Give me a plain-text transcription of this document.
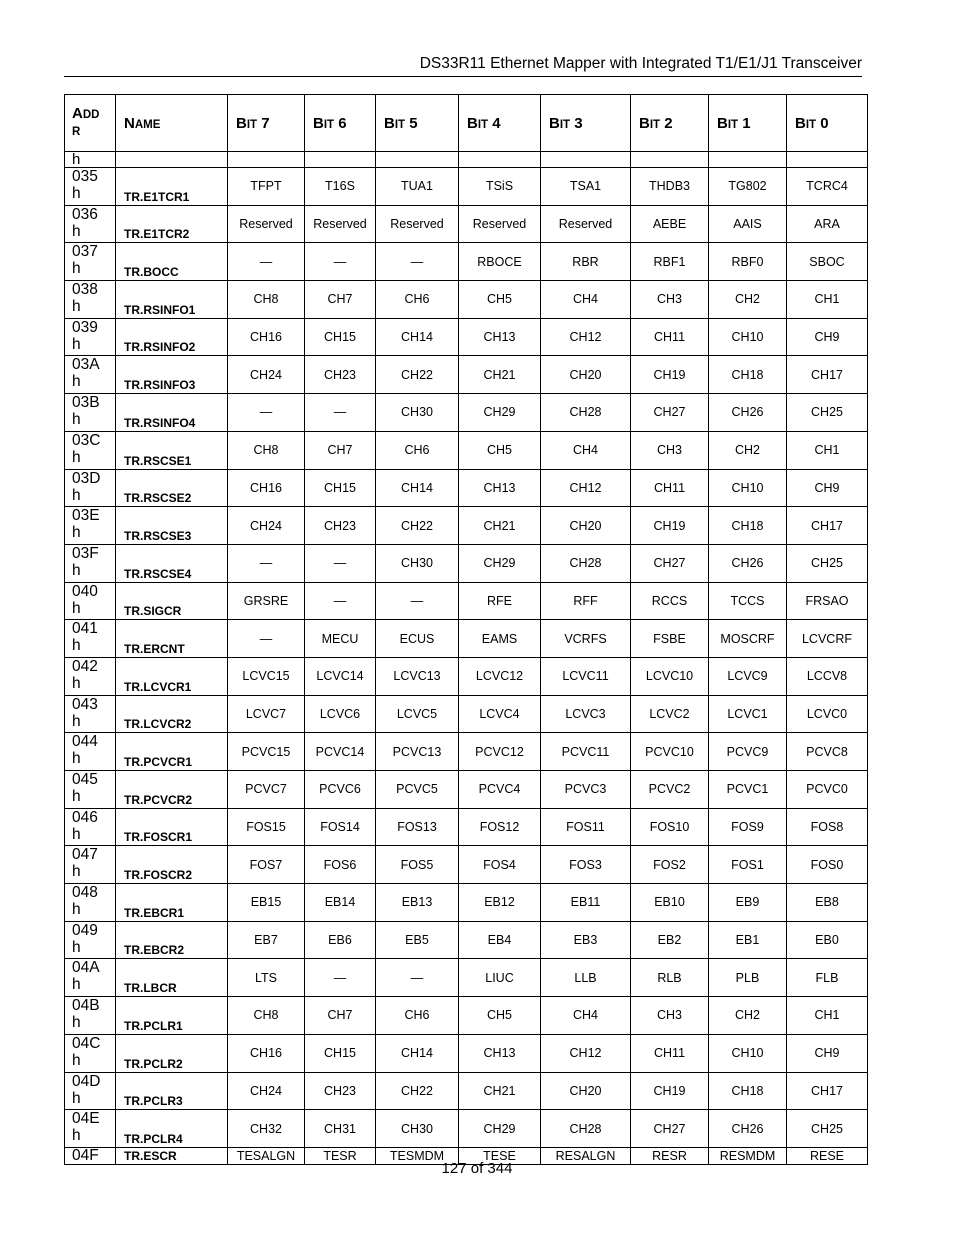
DS33R11 Ethernet Mapper with Integrated T1/E1/J1 Transceiver
ADD
R	NAME	BIT 7	BIT 6	BIT 5	BIT 4	BIT 3	BIT 2	BIT 1	BIT 0
h									

035
h	TR.E1TCR1	TFPT	T16S	TUA1	TSiS	TSA1	THDB3	TG802	TCRC4

036
h	TR.E1TCR2	Reserved	Reserved	Reserved	Reserved	Reserved	AEBE	AAIS	ARA

037
h	TR.BOCC	—	—	—	RBOCE	RBR	RBF1	RBF0	SBOC

038
h	TR.RSINFO1	CH8	CH7	CH6	CH5	CH4	CH3	CH2	CH1

039
h	TR.RSINFO2	CH16	CH15	CH14	CH13	CH12	CH11	CH10	CH9

03A
h	TR.RSINFO3	CH24	CH23	CH22	CH21	CH20	CH19	CH18	CH17

03B
h	TR.RSINFO4	—	—	CH30	CH29	CH28	CH27	CH26	CH25

03C
h	TR.RSCSE1	CH8	CH7	CH6	CH5	CH4	CH3	CH2	CH1

03D
h	TR.RSCSE2	CH16	CH15	CH14	CH13	CH12	CH11	CH10	CH9

03E
h	TR.RSCSE3	CH24	CH23	CH22	CH21	CH20	CH19	CH18	CH17

03F
h	TR.RSCSE4	—	—	CH30	CH29	CH28	CH27	CH26	CH25

040
h	TR.SIGCR	GRSRE	—	—	RFE	RFF	RCCS	TCCS	FRSAO

041
h	TR.ERCNT	—	MECU	ECUS	EAMS	VCRFS	FSBE	MOSCRF	LCVCRF

042
h	TR.LCVCR1	LCVC15	LCVC14	LCVC13	LCVC12	LCVC11	LCVC10	LCVC9	LCCV8

043
h	TR.LCVCR2	LCVC7	LCVC6	LCVC5	LCVC4	LCVC3	LCVC2	LCVC1	LCVC0

044
h	TR.PCVCR1	PCVC15	PCVC14	PCVC13	PCVC12	PCVC11	PCVC10	PCVC9	PCVC8

045
h	TR.PCVCR2	PCVC7	PCVC6	PCVC5	PCVC4	PCVC3	PCVC2	PCVC1	PCVC0

046
h	TR.FOSCR1	FOS15	FOS14	FOS13	FOS12	FOS11	FOS10	FOS9	FOS8

047
h	TR.FOSCR2	FOS7	FOS6	FOS5	FOS4	FOS3	FOS2	FOS1	FOS0

048
h	TR.EBCR1	EB15	EB14	EB13	EB12	EB11	EB10	EB9	EB8

049
h	TR.EBCR2	EB7	EB6	EB5	EB4	EB3	EB2	EB1	EB0

04A
h	TR.LBCR	LTS	—	—	LIUC	LLB	RLB	PLB	FLB

04B
h	TR.PCLR1	CH8	CH7	CH6	CH5	CH4	CH3	CH2	CH1

04C
h	TR.PCLR2	CH16	CH15	CH14	CH13	CH12	CH11	CH10	CH9

04D
h	TR.PCLR3	CH24	CH23	CH22	CH21	CH20	CH19	CH18	CH17

04E
h	TR.PCLR4	CH32	CH31	CH30	CH29	CH28	CH27	CH26	CH25

04F	TR.ESCR	TESALGN	TESR	TESMDM	TESE	RESALGN	RESR	RESMDM	RESE
127 of 344
